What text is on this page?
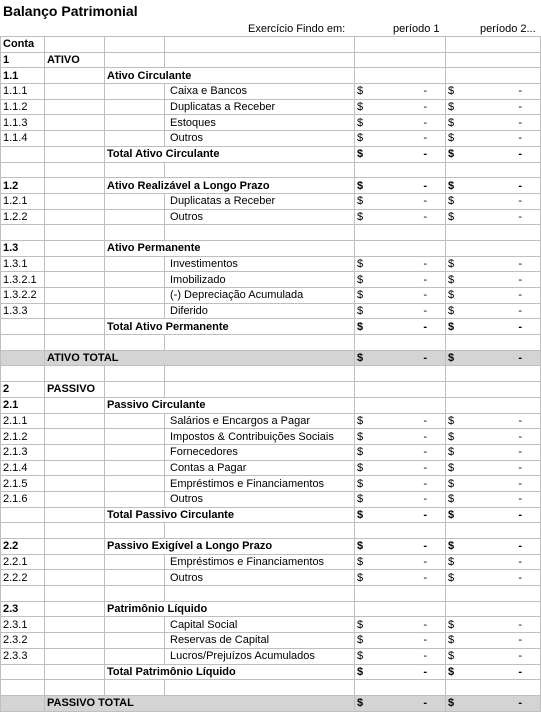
Balanço Patrimonial
Exercício Findo em:	período 1	período 2...
Conta							
1	ATIVO						
1.1		Ativo Circulante					
1.1.1			Caixa e Bancos	$	-	$	-
1.1.2			Duplicatas a Receber	$	-	$	-
1.1.3			Estoques	$	-	$	-
1.1.4			Outros	$	-	$	-
		Total Ativo Circulante		$	-	$	-

1.2		Ativo Realizável a Longo Prazo		$	-	$	-
1.2.1			Duplicatas a Receber	$	-	$	-
1.2.2			Outros	$	-	$	-

1.3		Ativo Permanente					
1.3.1			Investimentos	$	-	$	-
1.3.2.1			Imobilizado	$	-	$	-
1.3.2.2			(-) Depreciação Acumulada	$	-	$	-
1.3.3			Diferido	$	-	$	-
		Total Ativo Permanente		$	-	$	-

	ATIVO TOTAL			$	-	$	-

2	PASSIVO						
2.1		Passivo Circulante					
2.1.1			Salários e Encargos a Pagar	$	-	$	-
2.1.2			Impostos & Contribuições Sociais	$	-	$	-
2.1.3			Fornecedores	$	-	$	-
2.1.4			Contas a Pagar	$	-	$	-
2.1.5			Empréstimos e Financiamentos	$	-	$	-
2.1.6			Outros	$	-	$	-
		Total Passivo Circulante		$	-	$	-

2.2		Passivo Exigível a Longo Prazo		$	-	$	-
2.2.1			Empréstimos e Financiamentos	$	-	$	-
2.2.2			Outros	$	-	$	-

2.3		Patrimônio Líquido					
2.3.1			Capital Social	$	-	$	-
2.3.2			Reservas de Capital	$	-	$	-
2.3.3			Lucros/Prejuízos Acumulados	$	-	$	-
		Total Patrimônio Líquido		$	-	$	-

	PASSIVO TOTAL			$	-	$	-
